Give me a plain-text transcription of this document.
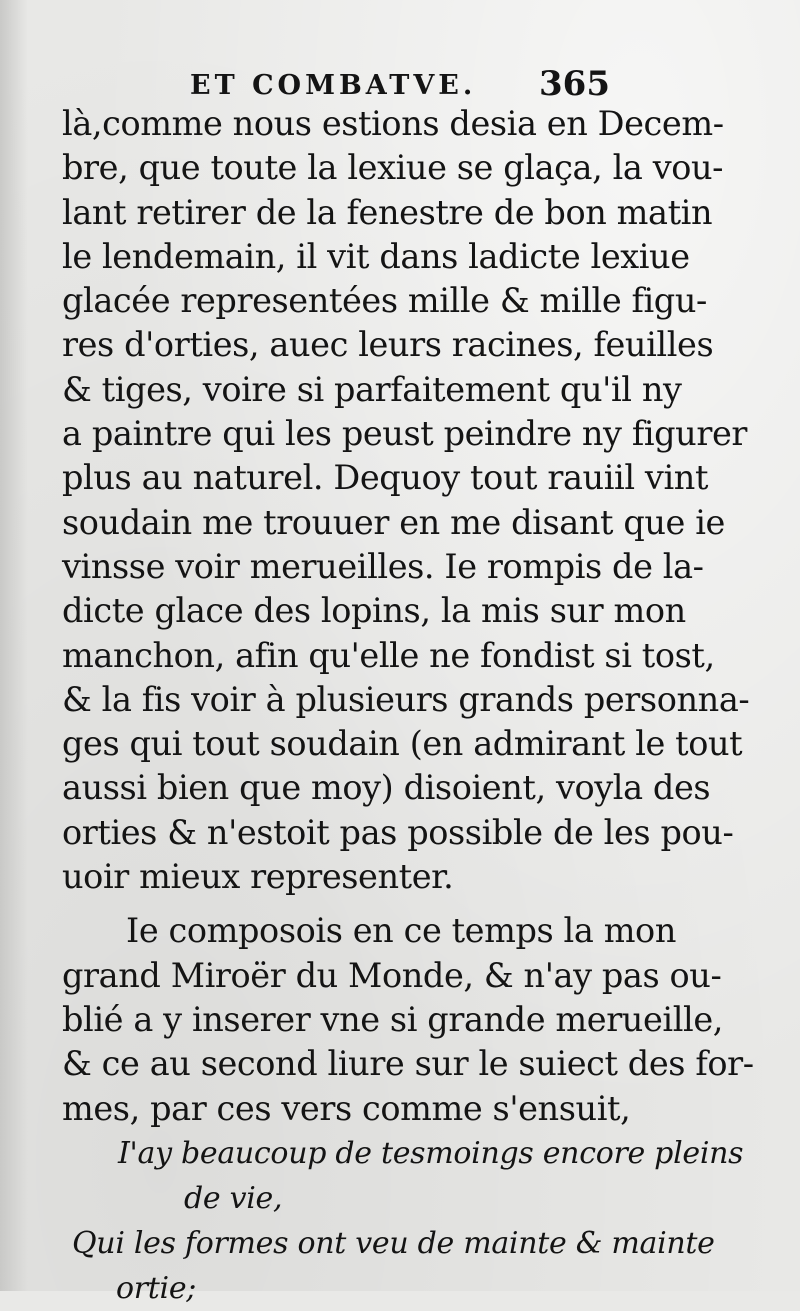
ET COMBATVE. 365
là,comme nous estions desia en Decem-
bre, que toute la lexiue se glaça, la vou-
lant retirer de la fenestre de bon matin
le lendemain, il vit dans ladicte lexiue
glacée representées mille & mille figu-
res d'orties, auec leurs racines, feuilles
& tiges, voire si parfaitement qu'il ny
a paintre qui les peust peindre ny figurer
plus au naturel. Dequoy tout rauiil vint
soudain me trouuer en me disant que ie
vinsse voir merueilles. Ie rompis de la-
dicte glace des lopins, la mis sur mon
manchon, afin qu'elle ne fondist si tost,
& la fis voir à plusieurs grands personna-
ges qui tout soudain (en admirant le tout
aussi bien que moy) disoient, voyla des
orties & n'estoit pas possible de les pou-
uoir mieux representer.
Ie composois en ce temps la mon
grand Miroër du Monde, & n'ay pas ou-
blié a y inserer vne si grande merueille,
& ce au second liure sur le suiect des for-
mes, par ces vers comme s'ensuit,
I'ay beaucoup de tesmoings encore pleins
de vie,
Qui les formes ont veu de mainte & mainte
ortie;
